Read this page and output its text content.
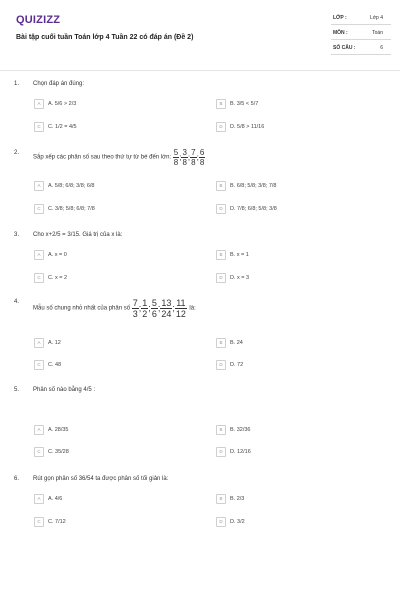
QUIZIZZ
Bài tập cuối tuần Toán lớp 4 Tuần 22 có đáp án (Đề 2)
LỚP :	Lớp 4
MÔN :	Toán
SỐ CÂU :	6
1. Chọn đáp án đúng:
A A. 5/6 > 2/3	B B. 3/5 < 5/7
C C. 1/2 = 4/5	D D. 5/8 > 11/16
2.
Sắp xếp các phân số sau theo thứ tự từ bé đến lớn: $\frac{5}{8}$ ; $\frac{3}{8}$ ; $\frac{7}{8}$ ; $\frac{6}{8}$
A A. 5/8; 6/8; 3/8; 6/8	B B. 6/8; 5/8; 3/8; 7/8
C C. 3/8; 5/8; 6/8; 7/8	D D. 7/8; 6/8; 5/8; 3/8
3. Cho x+2/5 = 3/15. Giá trị của x là:
A A. x = 0	B B. x = 1
C C. x = 2	D D. x = 3
4.
Mẫu số chung nhỏ nhất của phân số $\frac{7}{3}$ ; $\frac{1}{2}$ ; $\frac{5}{6}$ ; $\frac{13}{24}$ ; $\frac{11}{12}$ là:
A A. 12	B B. 24
C C. 48	D D. 72
5. Phân số nào bằng 4/5 :
A A. 28/35	B B. 32/36
C C. 35/28	D D. 12/16
6. Rút gọn phân số 36/54 ta được phân số tối giản là:
A A. 4/6	B B. 2/3
C C. 7/12	D D. 3/2
